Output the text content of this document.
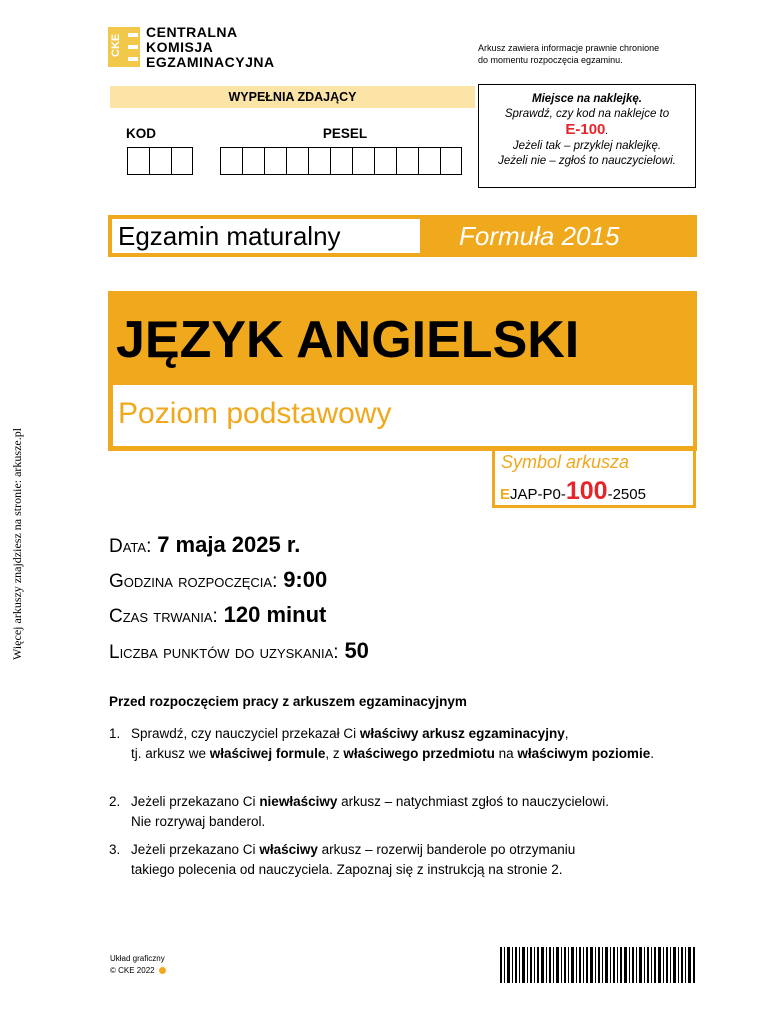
CKE
CENTRALNA
KOMISJA
EGZAMINACYJNA
Arkusz zawiera informacje prawnie chronione
do momentu rozpoczęcia egzaminu.
WYPEŁNIA ZDAJĄCY
KOD	PESEL
Miejsce na naklejkę.
Sprawdź, czy kod na naklejce to
E-100.
Jeżeli tak – przyklej naklejkę.
Jeżeli nie – zgłoś to nauczycielowi.
Egzamin maturalny	Formuła 2015
JĘZYK ANGIELSKI
Poziom podstawowy
Symbol arkusza
EJAP-P0-100-2505
Data: 7 maja 2025 r.
Godzina rozpoczęcia: 9:00
Czas trwania: 120 minut
Liczba punktów do uzyskania: 50
Przed rozpoczęciem pracy z arkuszem egzaminacyjnym
1. Sprawdź, czy nauczyciel przekazał Ci właściwy arkusz egzaminacyjny,
tj. arkusz we właściwej formule, z właściwego przedmiotu na właściwym poziomie.
2. Jeżeli przekazano Ci niewłaściwy arkusz – natychmiast zgłoś to nauczycielowi.
Nie rozrywaj banderol.
3. Jeżeli przekazano Ci właściwy arkusz – rozerwij banderole po otrzymaniu
takiego polecenia od nauczyciela. Zapoznaj się z instrukcją na stronie 2.
Więcej arkuszy znajdziesz na stronie: arkusze.pl
Układ graficzny
© CKE 2022
